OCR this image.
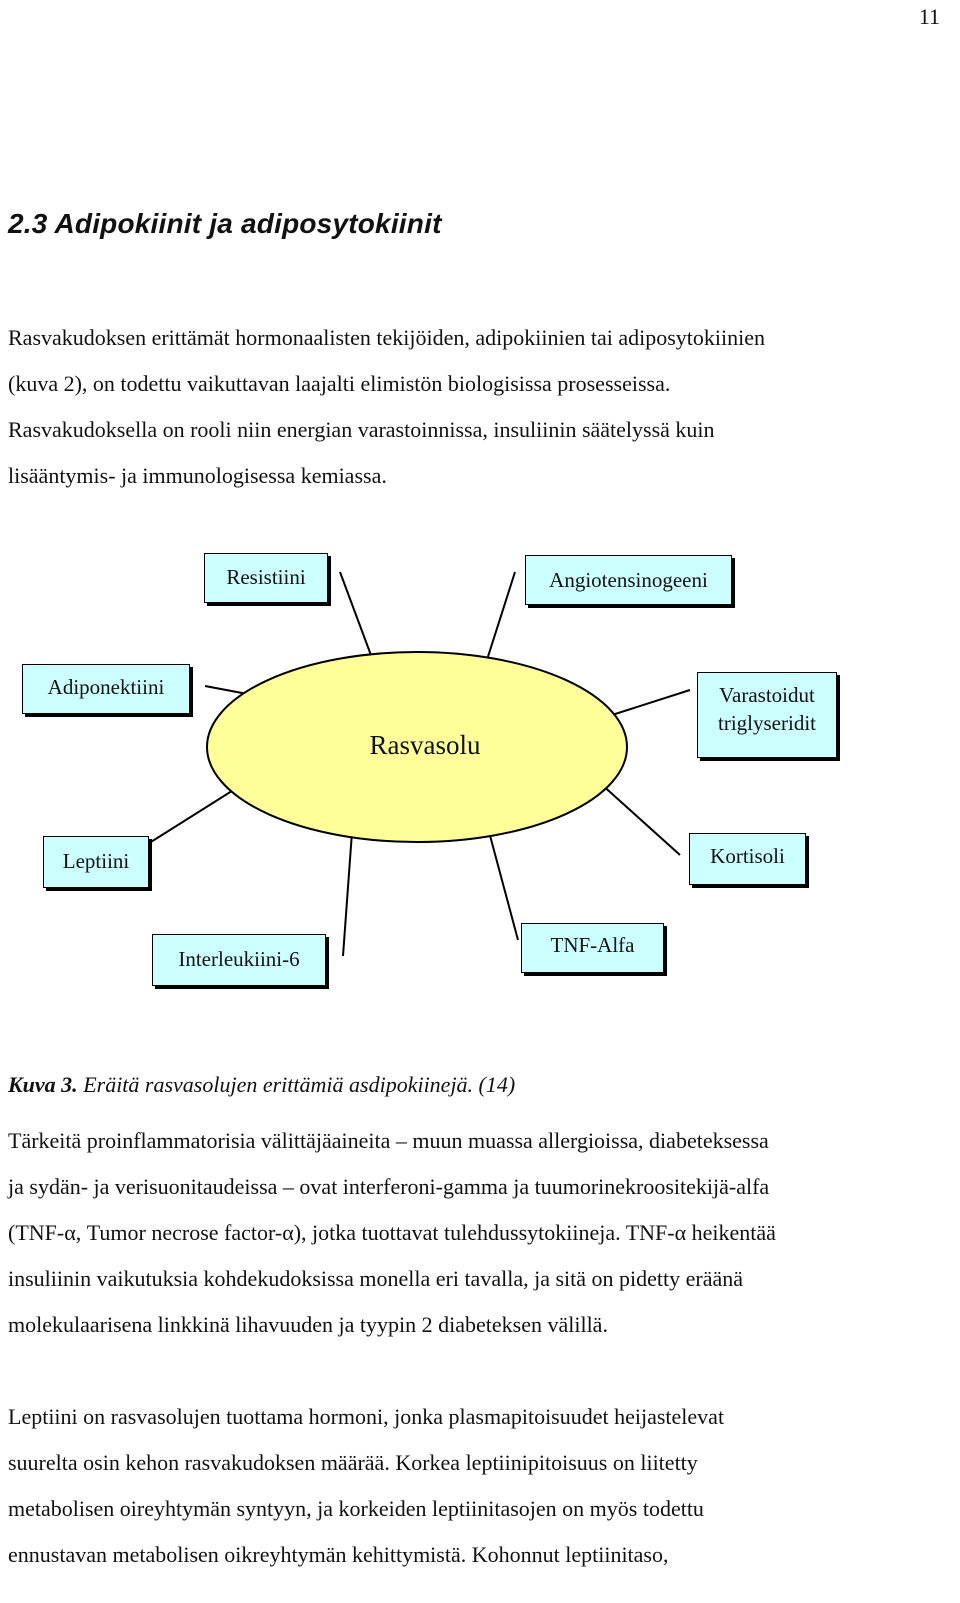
11
2.3 Adipokiinit ja adiposytokiinit

Rasvakudoksen erittämät hormonaalisten tekijöiden, adipokiinien tai adiposytokiinien
(kuva 2), on todettu vaikuttavan laajalti elimistön biologisissa prosesseissa.
Rasvakudoksella on rooli niin energian varastoinnissa, insuliinin säätelyssä kuin
lisääntymis- ja immunologisessa kemiassa.

Rasvasolu
Resistiini	Angiotensinogeeni
Adiponektiini	Varastoidut
triglyseridit
Leptiini	Kortisoli
Interleukiini-6
TNF-Alfa

Kuva 3. Eräitä rasvasolujen erittämiä asdipokiinejä. (14)

Tärkeitä proinflammatorisia välittäjäaineita – muun muassa allergioissa, diabeteksessa
ja sydän- ja verisuonitaudeissa – ovat interferoni-gamma ja tuumorinekroositekijä-alfa
(TNF-α, Tumor necrose factor-α), jotka tuottavat tulehdussytokiineja. TNF-α heikentää
insuliinin vaikutuksia kohdekudoksissa monella eri tavalla, ja sitä on pidetty eräänä
molekulaarisena linkkinä lihavuuden ja tyypin 2 diabeteksen välillä.

Leptiini on rasvasolujen tuottama hormoni, jonka plasmapitoisuudet heijastelevat
suurelta osin kehon rasvakudoksen määrää. Korkea leptiinipitoisuus on liitetty
metabolisen oireyhtymän syntyyn, ja korkeiden leptiinitasojen on myös todettu
ennustavan metabolisen oikreyhtymän kehittymistä. Kohonnut leptiinitaso,
